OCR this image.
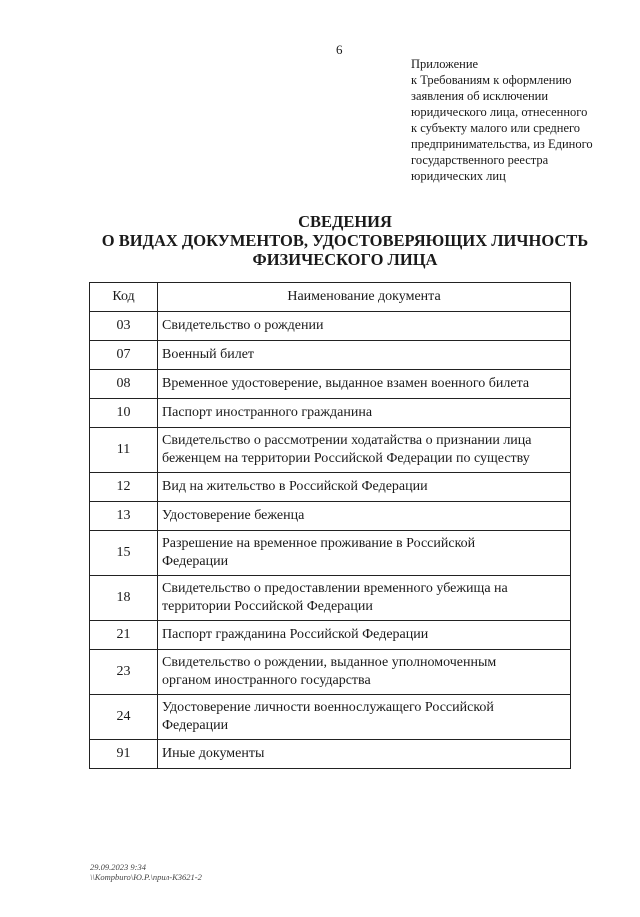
6
Приложение
к Требованиям к оформлению
заявления об исключении
юридического лица, отнесенного
к субъекту малого или среднего
предпринимательства, из Единого
государственного реестра
юридических лиц
СВЕДЕНИЯ
О ВИДАХ ДОКУМЕНТОВ, УДОСТОВЕРЯЮЩИХ ЛИЧНОСТЬ
ФИЗИЧЕСКОГО ЛИЦА
Код	Наименование документа
03	Свидетельство о рождении

07	Военный билет

08	Временное удостоверение, выданное взамен военного билета

10	Паспорт иностранного гражданина

11	Свидетельство о рассмотрении ходатайства о признании лица
беженцем на территории Российской Федерации по существу

12	Вид на жительство в Российской Федерации

13	Удостоверение беженца

15	Разрешение на временное проживание в Российской
Федерации

18	Свидетельство о предоставлении временного убежища на
территории Российской Федерации

21	Паспорт гражданина Российской Федерации

23	Свидетельство о рождении, выданное уполномоченным
органом иностранного государства

24	Удостоверение личности военнослужащего Российской
Федерации

91	Иные документы
29.09.2023 9:34
\\Kompburo\Ю.Р.\прил-К3621-2
